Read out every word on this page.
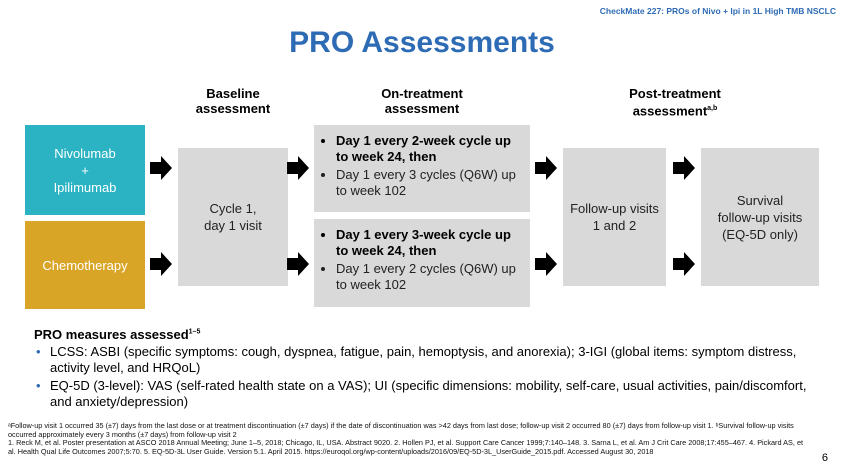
CheckMate 227: PROs of Nivo + Ipi in 1L High TMB NSCLC
PRO Assessments
Baseline
assessment
On-treatment
assessment
Post-treatment
assessment$^{a,b}$
Nivolumab
+
Ipilimumab
Chemotherapy
Cycle 1,
day 1 visit
• Day 1 every 2-week cycle up to week 24, then
• Day 1 every 3 cycles (Q6W) up to week 102
• Day 1 every 3-week cycle up to week 24, then
• Day 1 every 2 cycles (Q6W) up to week 102
Follow-up visits
1 and 2
Survival
follow-up visits
(EQ-5D only)
PRO measures assessed$^{1-5}$
• LCSS: ASBI (specific symptoms: cough, dyspnea, fatigue, pain, hemoptysis, and anorexia); 3-IGI (global items: symptom distress, activity level, and HRQoL)
• EQ-5D (3-level): VAS (self-rated health state on a VAS); UI (specific dimensions: mobility, self-care, usual activities, pain/discomfort, and anxiety/depression)
ᵃFollow-up visit 1 occurred 35 (±7) days from the last dose or at treatment discontinuation (±7 days) if the date of discontinuation was >42 days from last dose; follow-up visit 2 occurred 80 (±7) days from follow-up visit 1. ᵇSurvival follow-up visits occurred approximately every 3 months (±7 days) from follow-up visit 2
1. Reck M, et al. Poster presentation at ASCO 2018 Annual Meeting; June 1–5, 2018; Chicago, IL, USA. Abstract 9020. 2. Hollen PJ, et al. Support Care Cancer 1999;7:140–148. 3. Sarna L, et al. Am J Crit Care 2008;17:455–467. 4. Pickard AS, et al. Health Qual Life Outcomes 2007;5:70. 5. EQ-5D-3L User Guide. Version 5.1. April 2015. https://euroqol.org/wp-content/uploads/2016/09/EQ-5D-3L_UserGuide_2015.pdf. Accessed August 30, 2018
6
